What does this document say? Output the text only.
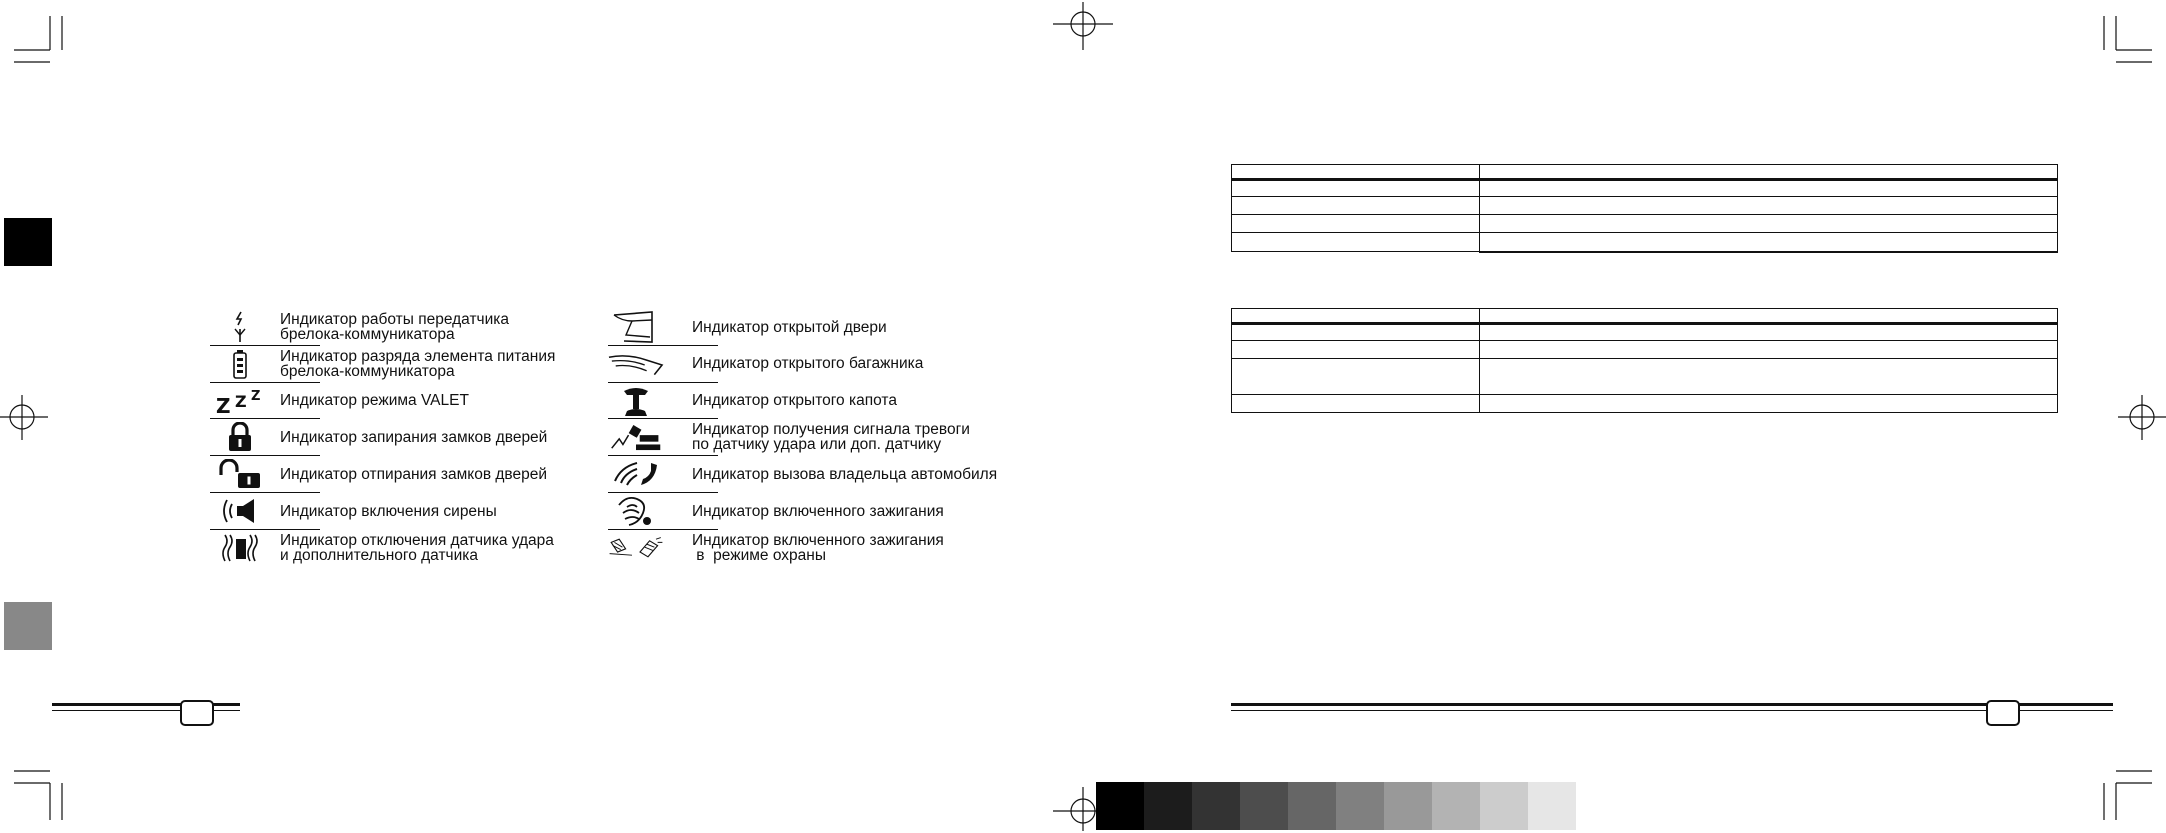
Индикатор работы передатчика
брелока-коммуникатора
Индикатор разряда элемента питания
брелока-коммуникатора
Z Z Z Индикатор режима VALET
Индикатор запирания замков дверей
Индикатор отпирания замков дверей
Индикатор включения сирены
Индикатор отключения датчика удара
и дополнительного датчика
Индикатор открытой двери
Индикатор открытого багажника
Индикатор открытого капота
Индикатор получения сигнала тревоги
по датчику удара или доп. датчику
Индикатор вызова владельца автомобиля
Индикатор включенного зажигания
Индикатор включенного зажигания
в  режиме охраны
